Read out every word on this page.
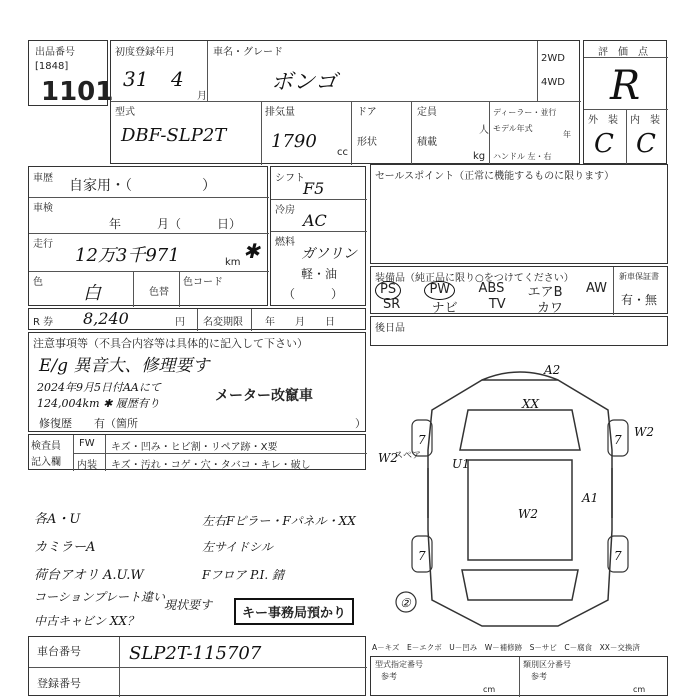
出品番号
[1848]
1101
初度登録年月	車名・グレード
31 4
月
ボンゴ
2WD
4WD
型式
DBF-SLP2T
排気量
1790
cc
ドア
形状
定員
人
積載
kg
ディーラー・並行
モデル年式
年
ハンドル 左・右
評　価　点
R
外　装 内　装
C C
車歴 自家用・（　　　　　）
車検
年　　　月（　　　日）
走行
12万3千971	km ✱
色
白	色替
色コード
シフト
F5
冷房
AC
燃料
ガソリン
軽・油
（　　　）
R 券 8,240	円 名変期限 年　　月　　日
セールスポイント（正常に機能するものに限ります）
装備品（純正品に限り○をつけてください）
PS	PW	ABS エアB AW
SR ナビ TV カワ
新車保証書
有・無
後日品
注意事項等（不具合内容等は具体的に記入して下さい）
E/g 異音大、修理要す
2024年9月5日付AAにて
124,004km ✱ 履歴有り	メーター改竄車
修復歴　　有（箇所	）
検査員
記入欄
FW キズ・凹み・ヒビ割・リペア跡・X要
内装 キズ・汚れ・コゲ・穴・タバコ・キレ・破し
各A・U	左右Fピラー・Fパネル・XX
カミラーA	左サイドシル
荷台アオリ A.U.W	Fフロア P.I. 錆
コーションプレート違い
中古キャビン XX？
現状要す
キー事務局預かり
車台番号	SLP2T-115707
登録番号
A2
XX
U1
W2
A1
W2
7	7
7	7
W2
②
スペア
A－キズ　E－エクボ　U－凹み　W－補修跡　S－サビ　C－腐食　XX－交換済
型式指定番号
参考
cm
類別区分番号
参考
cm
